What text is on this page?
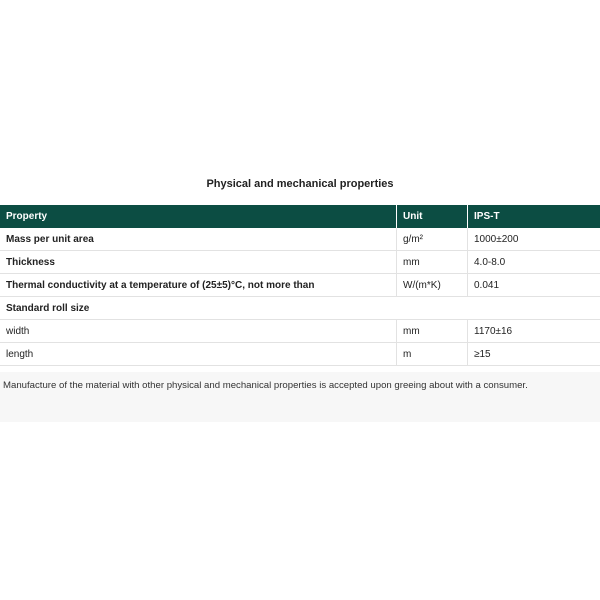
Physical and mechanical properties
Property	Unit	IPS-T
Mass per unit area	g/m²	1000±200
Thickness	mm	4.0-8.0
Thermal conductivity at a temperature of (25±5)°C, not more than	W/(m*K)	0.041
Standard roll size		
width	mm	1170±16
length	m	≥15
Manufacture of the material with other physical and mechanical properties is accepted upon greeing about with a consumer.
